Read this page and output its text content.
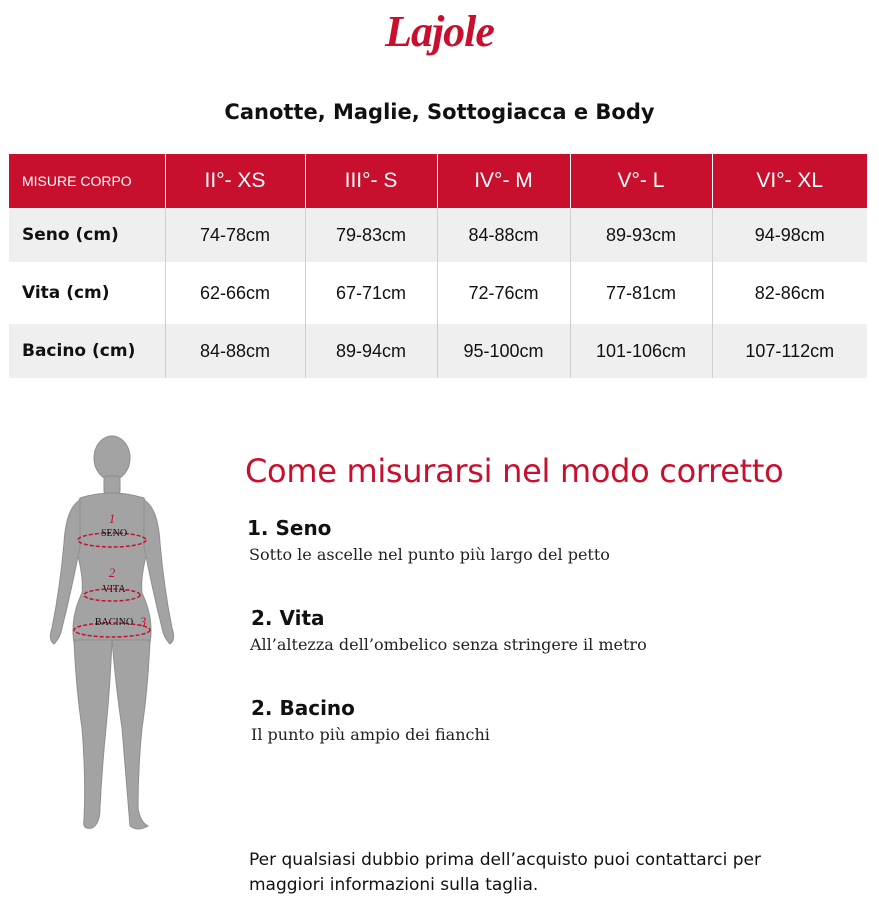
Lajole
Canotte, Maglie, Sottogiacca e Body
MISURE CORPO	II°- XS	III°- S	IV°- M	V°- L	VI°- XL
Seno (cm)	74-78cm	79-83cm	84-88cm	89-93cm	94-98cm
Vita (cm)	62-66cm	67-71cm	72-76cm	77-81cm	82-86cm
Bacino (cm)	84-88cm	89-94cm	95-100cm	101-106cm	107-112cm
1
SENO
2
VITA
BACINO 3
Come misurarsi nel modo corretto
1. Seno
Sotto le ascelle nel punto più largo del petto
2. Vita
All’altezza dell’ombelico senza stringere il metro
2. Bacino
Il punto più ampio dei fianchi
Per qualsiasi dubbio prima dell’acquisto puoi contattarci per
maggiori informazioni sulla taglia.
